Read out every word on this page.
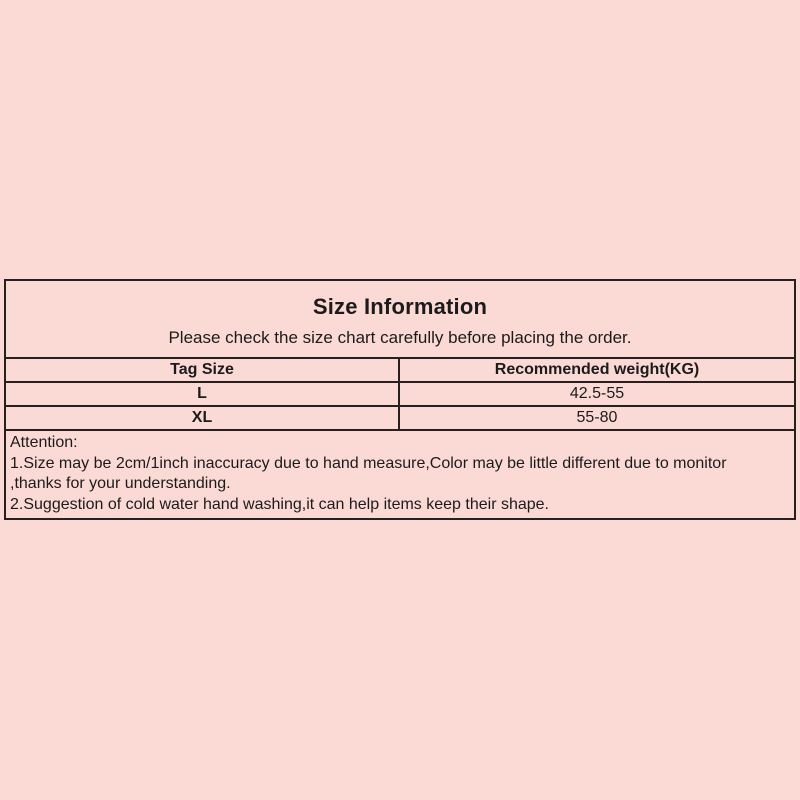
Size Information
Please check the size chart carefully before placing the order.
Tag Size	Recommended weight(KG)
L	42.5-55
XL	55-80
Attention:
1.Size may be 2cm/1inch inaccuracy due to hand measure,Color may be little different due to monitor
,thanks for your understanding.
2.Suggestion of cold water hand washing,it can help items keep their shape.
